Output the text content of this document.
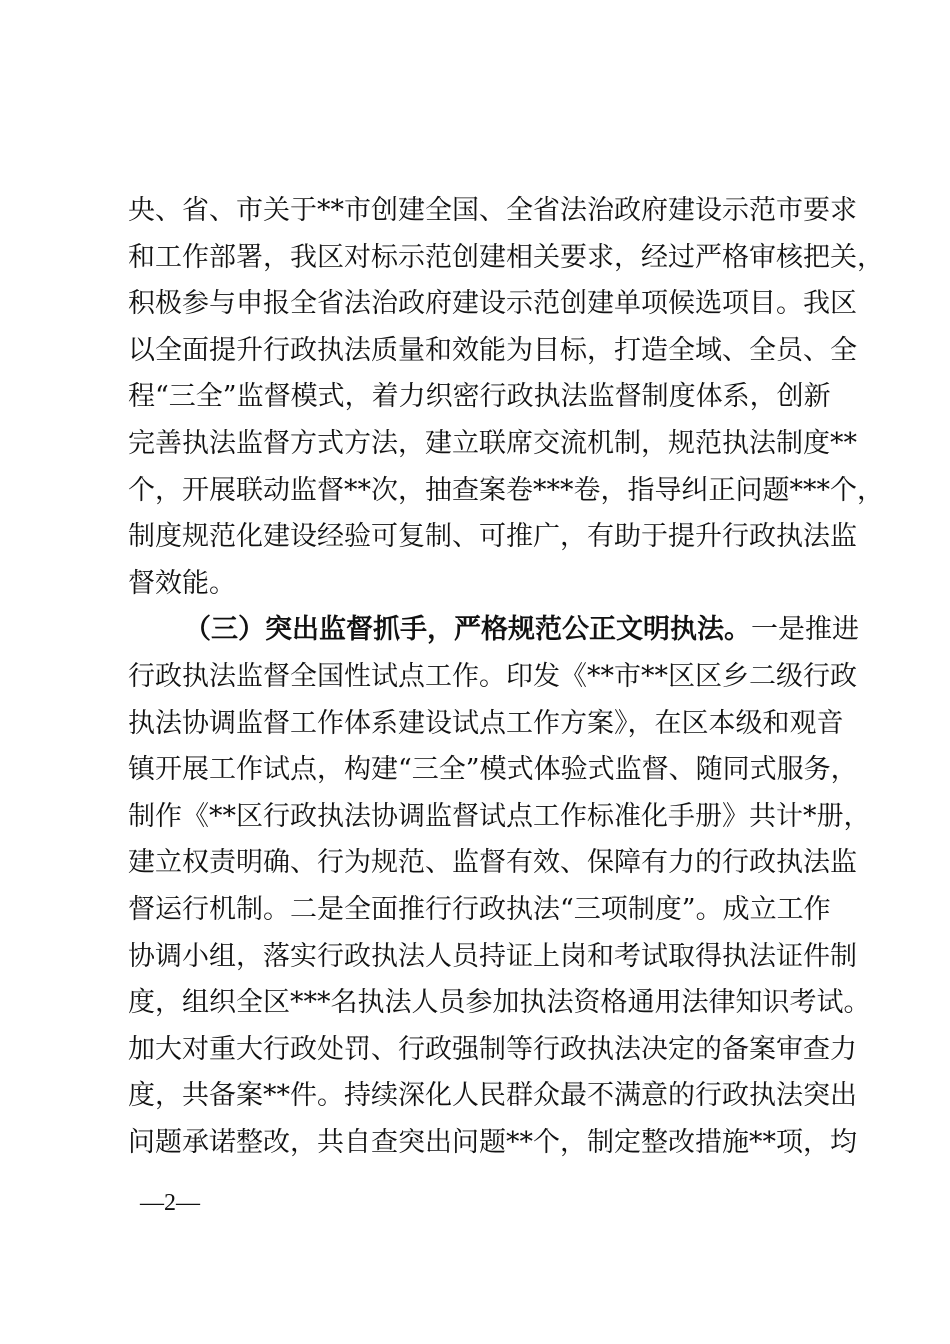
央、省、市关于**市创建全国、全省法治政府建设示范市要求
和工作部署，我区对标示范创建相关要求，经过严格审核把关，
积极参与申报全省法治政府建设示范创建单项候选项目。我区
以全面提升行政执法质量和效能为目标，打造全域、全员、全
程“三全”监督模式，着力织密行政执法监督制度体系，创新
完善执法监督方式方法，建立联席交流机制，规范执法制度**
个，开展联动监督**次，抽查案卷***卷，指导纠正问题***个，
制度规范化建设经验可复制、可推广，有助于提升行政执法监
督效能。
（三）突出监督抓手，严格规范公正文明执法。一是推进
行政执法监督全国性试点工作。印发《**市**区区乡二级行政
执法协调监督工作体系建设试点工作方案》，在区本级和观音
镇开展工作试点，构建“三全”模式体验式监督、随同式服务，
制作《**区行政执法协调监督试点工作标准化手册》共计*册，
建立权责明确、行为规范、监督有效、保障有力的行政执法监
督运行机制。二是全面推行行政执法“三项制度”。成立工作
协调小组，落实行政执法人员持证上岗和考试取得执法证件制
度，组织全区***名执法人员参加执法资格通用法律知识考试。
加大对重大行政处罚、行政强制等行政执法决定的备案审查力
度，共备案**件。持续深化人民群众最不满意的行政执法突出
问题承诺整改，共自查突出问题**个，制定整改措施**项，均
—2—
